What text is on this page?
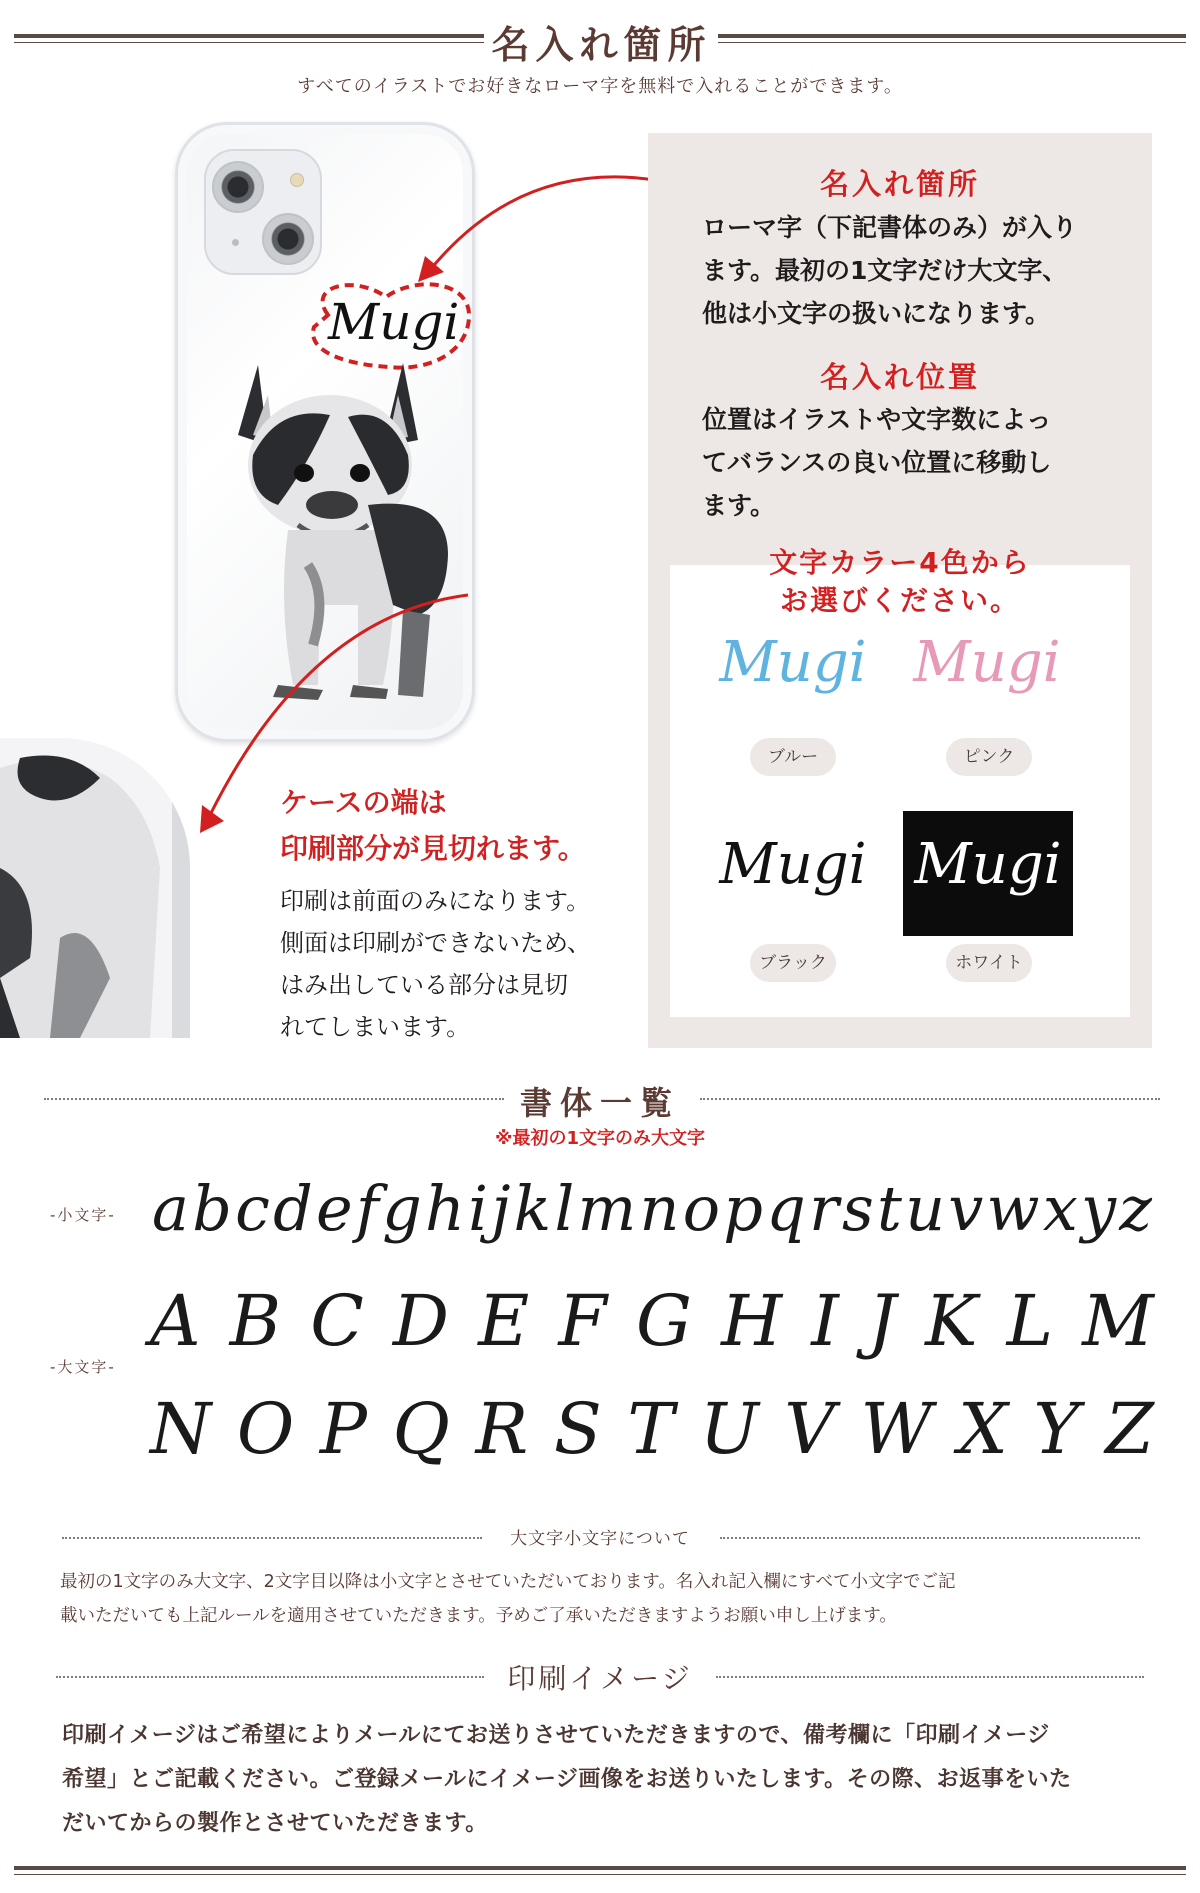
名入れ箇所
すべてのイラストでお好きなローマ字を無料で入れることができます。
Mugi
名入れ箇所
ローマ字（下記書体のみ）が入り
ます。最初の1文字だけ大文字、
他は小文字の扱いになります。
名入れ位置
位置はイラストや文字数によっ
てバランスの良い位置に移動し
ます。
文字カラー4色から
お選びください。
Mugi
ブルー
Mugi
ピンク
Mugi
ブラック
Mugi
ホワイト
ケースの端は
印刷部分が見切れます。
印刷は前面のみになります。
側面は印刷ができないため、
はみ出している部分は見切
れてしまいます。
書体一覧
※最初の1文字のみ大文字
-小文字- a b c d e f g h i j k l m n o p q r s t u v w x y z
-大文字-
A B C D E F G H I J K L M
N O P Q R S T U V W X Y Z
大文字小文字について
最初の1文字のみ大文字、2文字目以降は小文字とさせていただいております。名入れ記入欄にすべて小文字でご記
載いただいても上記ルールを適用させていただきます。予めご了承いただきますようお願い申し上げます。
印刷イメージ
印刷イメージはご希望によりメールにてお送りさせていただきますので、備考欄に「印刷イメージ
希望」とご記載ください。ご登録メールにイメージ画像をお送りいたします。その際、お返事をいた
だいてからの製作とさせていただきます。
